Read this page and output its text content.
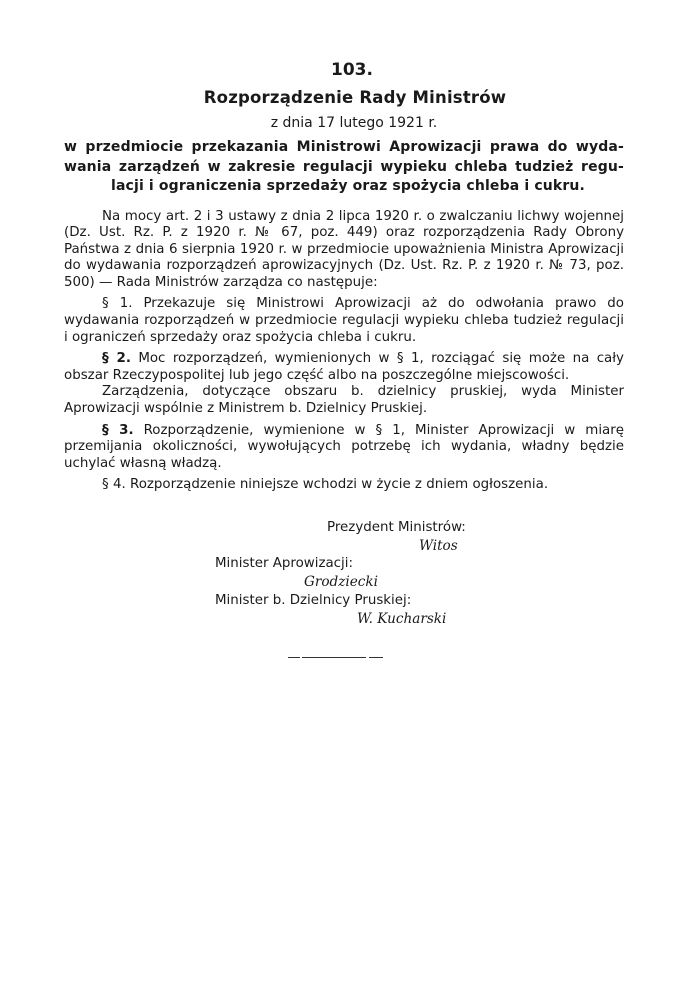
103.
Rozporządzenie Rady Ministrów
z dnia 17 lutego 1921 r.
w przedmiocie przekazania Ministrowi Aprowizacji prawa do wyda-
wania zarządzeń w zakresie regulacji wypieku chleba tudzież regu-
lacji i ograniczenia sprzedaży oraz spożycia chleba i cukru.

Na mocy art. 2 i 3 ustawy z dnia 2 lipca 1920 r. o zwalczaniu lichwy wojennej (Dz. Ust. Rz. P. z 1920 r. № 67, poz. 449) oraz rozporządzenia Rady Obrony Państwa z dnia 6 sierpnia 1920 r. w przedmiocie upoważnienia Ministra Aprowizacji do wydawania rozporządzeń aprowizacyjnych (Dz. Ust. Rz. P. z 1920 r. № 73, poz. 500) — Rada Ministrów zarządza co następuje:

§ 1. Przekazuje się Ministrowi Aprowizacji aż do odwołania prawo do wydawania rozporządzeń w przedmiocie regulacji wypieku chleba tudzież regulacji i ograniczeń sprzedaży oraz spożycia chleba i cukru.

§ 2. Moc rozporządzeń, wymienionych w § 1, rozciągać się może na cały obszar Rzeczypospolitej lub jego część albo na poszczególne miejscowości.

Zarządzenia, dotyczące obszaru b. dzielnicy pruskiej, wyda Minister Aprowizacji wspólnie z Ministrem b. Dzielnicy Pruskiej.

§ 3. Rozporządzenie, wymienione w § 1, Minister Aprowizacji w miarę przemijania okoliczności, wywołujących potrzebę ich wydania, władny będzie uchylać własną władzą.

§ 4. Rozporządzenie niniejsze wchodzi w życie z dniem ogłoszenia.

Prezydent Ministrów:
Witos
Minister Aprowizacji:
Grodziecki
Minister b. Dzielnicy Pruskiej:
W. Kucharski
